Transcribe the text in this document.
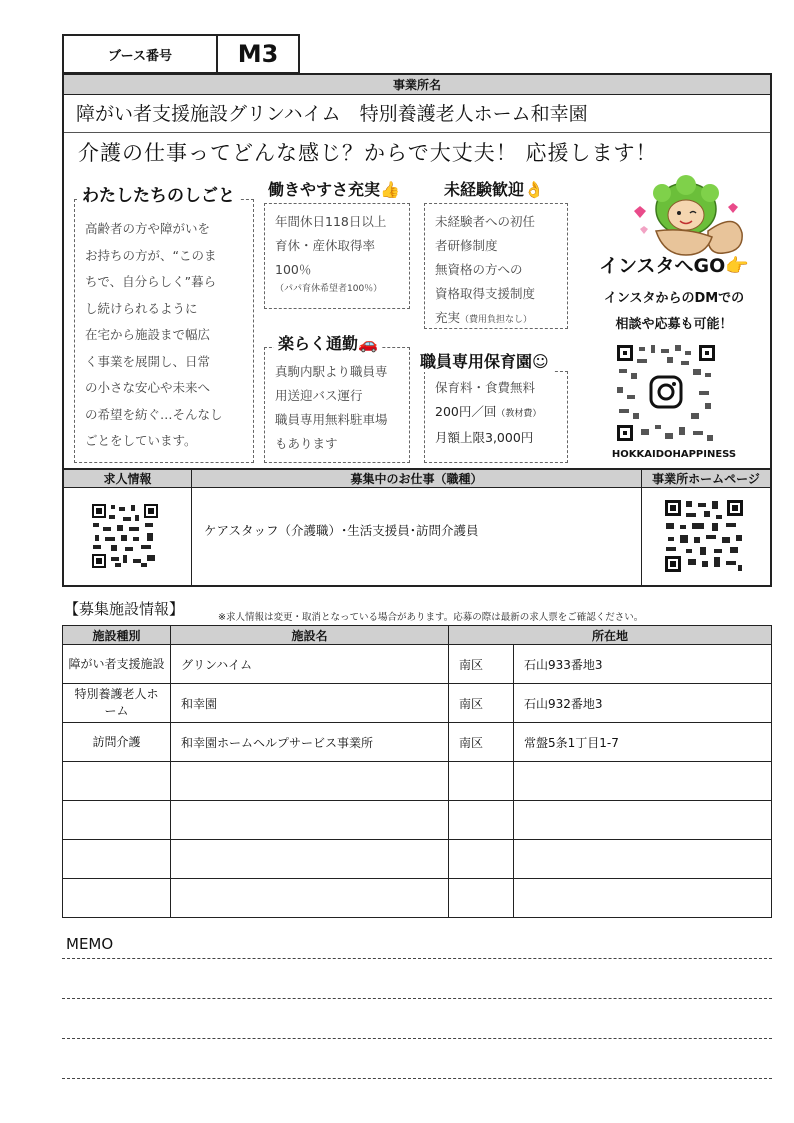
ブース番号	M3
事業所名
障がい者支援施設グリンハイム　特別養護老人ホーム和幸園
介護の仕事ってどんな感じ？からで大丈夫！ 応援します！
高齢者の方や障がいを
お持ちの方が、“このま
ちで、自分らしく”暮ら
し続けられるように
在宅から施設まで幅広
く事業を展開し、日常
の小さな安心や未来へ
の希望を紡ぐ…そんなし
ごとをしています。
わたしたちのしごと
年間休日118日以上
育休・産休取得率
100％
（パパ育休希望者100％）
働きやすさ充実👍
真駒内駅より職員専
用送迎バス運行
職員専用無料駐車場
もあります
楽らく通勤🚗
未経験者への初任
者研修制度
無資格の方への
資格取得支援制度
充実（費用負担なし）
未経験歓迎👌
保育料・食費無料
200円／回（教材費）
月額上限3,000円
職員専用保育園☺
インスタへGO👉
インスタからのDMでの
相談や応募も可能！
HOKKAIDOHAPPINESS
求人情報	募集中のお仕事（職種）	事業所ホームページ
ケアスタッフ（介護職）･生活支援員･訪問介護員
【募集施設情報】	※求人情報は変更・取消となっている場合があります。応募の際は最新の求人票をご確認ください。
施設種別	施設名	所在地	
障がい者支援施設	グリンハイム	南区	石山933番地3
特別養護老人ホーム	和幸園	南区	石山932番地3
訪問介護	和幸園ホームヘルプサービス事業所	南区	常盤5条1丁目1-7

MEMO
